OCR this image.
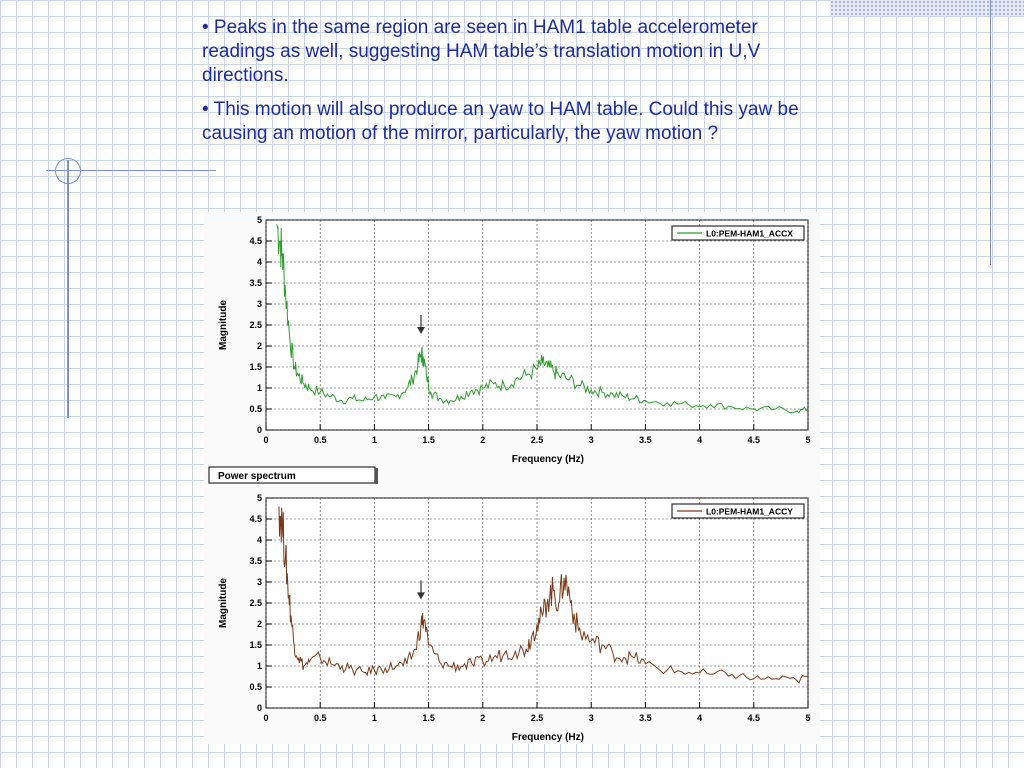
• Peaks in the same region are seen in HAM1 table accelerometer readings as well, suggesting HAM table’s translation motion in U,V directions.

• This motion will also produce an yaw to HAM table. Could this yaw be causing an motion of the mirror, particularly, the yaw motion ?

0	0.5	1	1.5	2	2.5	3	3.5	4	4.5	5
0
0.5
1
1.5
2
2.5
3
3.5
4
4.5
5
Frequency (Hz)
Magnitude
L0:PEM-HAM1_ACCX
0	0.5	1	1.5	2	2.5	3	3.5	4	4.5	5
0
0.5
1
1.5
2
2.5
3
3.5
4
4.5
5
Frequency (Hz)
Magnitude
L0:PEM-HAM1_ACCY
Power spectrum
